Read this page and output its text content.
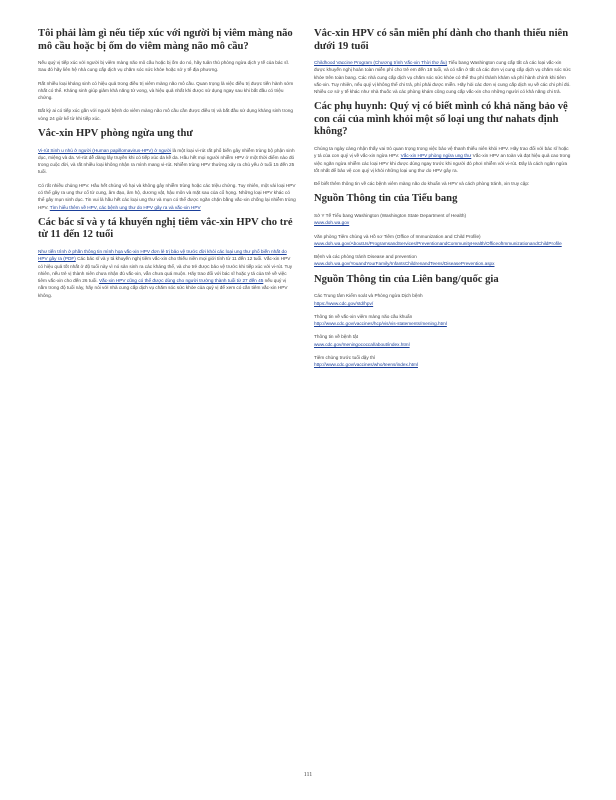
Tôi phải làm gì nếu tiếp xúc với người bị viêm màng não mô cầu hoặc bị ốm do viêm màng não mô cầu?

Nếu quý vị tiếp xúc với người bị viêm màng não mô cầu hoặc bị ốm do nó, hãy tuân thủ phòng ngừa dịch y tế của bác sĩ. Sau đó hãy liên hệ nhà cung cấp dịch vụ chăm sóc sức khỏe hoặc sở y tế địa phương.

Rất nhiều loại kháng sinh có hiệu quả trong điều trị viêm màng não mô cầu. Quan trọng là việc điều trị được tiến hành sớm nhất có thể. Kháng sinh giúp giảm khả năng tử vong, và hiệu quả nhất khi được sử dụng ngay sau khi bắt đầu có triệu chứng.

Bất kỳ ai có tiếp xúc gần với người bệnh do viêm màng não mô cầu cần được điều trị và bắt đầu sử dụng kháng sinh trong vòng 24 giờ kể từ khi tiếp xúc.

Vắc-xin HPV phòng ngừa ung thư

Vi-rút Sinh u nhú ở người (Human papillomavirus-HPV) ở người là một loại vi-rút rất phổ biến gây nhiễm trùng bộ phận sinh dục, miệng và da. Vi-rút dễ dàng lây truyền khi có tiếp xúc da kề da. Hầu hết mọi người nhiễm HPV ở một thời điểm nào đó trong cuộc đời, và rất nhiều loại không nhận ra mình mang vi-rút. Nhiễm trùng HPV thường xảy ra chủ yếu ở tuổi 15 đến 25 tuổi.

Có rất nhiều chủng HPV. Hầu hết chúng vô hại và không gây nhiễm trùng hoặc các triệu chứng. Tuy nhiên, một vài loại HPV có thể gây ra ung thư cổ tử cung, âm đạo, âm hộ, dương vật, hậu môn và mặt sau của cổ họng. Những loại HPV khác có thể gây mụn sinh dục. Tin vui là hầu hết các loại ung thư và mụn có thể được ngăn chặn bằng vắc-xin chống lại nhiễm trùng HPV. Tìm hiểu thêm về HPV, các bệnh ung thư do HPV gây ra và vắc-xin HPV

Các bác sĩ và y tá khuyến nghị tiêm vắc-xin HPV cho trẻ từ 11 đến 12 tuổi

Như tiến trình ở phần thông tin mình họa vắc-xin HPV đơn lẻ trị bảo vệ trước đời khỏi các loại ung thư phổ biến nhất do HPV gây ra (PDF) Các bác sĩ và y tá khuyến nghị tiêm vắc-xin cho thiếu niên mọi giới tính từ 11 đến 12 tuổi. Vắc-xin HPV có hiệu quả tốt nhất ở độ tuổi này vì nó sản sinh ra các kháng thể, và cho trẻ được bảo vệ trước khi tiếp xúc với vi-rút. Tuy nhiên, nếu trẻ vị thành niên chưa nhận đủ vắc-xin, vẫn chưa quá muộn. Hãy trao đổi với bác sĩ hoặc y tá của trẻ về việc tiêm vắc-xin cho đến 26 tuổi. Vắc-xin HPV cũng có thể được dùng cho người trưởng thành tuổi từ 27 đến 45 nếu quý vị nằm trong độ tuổi này, hãy nói với nhà cung cấp dịch vụ chăm sóc sức khỏe của quý vị để xem có cần tiêm vắc-xin HPV không.

Vắc-xin HPV có sẵn miễn phí dành cho thanh thiếu niên dưới 19 tuổi

Childhood Vaccine Program (Chương trình Vắc-xin Thời thơ ấu) Tiểu bang Washington cung cấp tất cả các loại vắc-xin được khuyến nghị hoàn toàn miễn phí cho trẻ em đến 18 tuổi, và có sẵn ở tất cả các đơn vị cung cấp dịch vụ chăm sóc sức khỏe trên toàn bang. Các nhà cung cấp dịch vụ chăm sóc sức khỏe có thể thu phí thành khám và phí hành chính khi tiêm vắc-xin. Tuy nhiên, nếu quý vị không thể chi trả, phí phải được miễn. Hãy hỏi các đơn vị cung cấp dịch vụ về các chi phí đó. Nhiều cơ sở y tế khác như nhà thuốc và các phòng khám cũng cung cấp vắc-xin cho những người có khả năng chi trả.

Các phụ huynh: Quý vị có biết mình có khả năng bảo vệ con cái của mình khỏi một số loại ung thư nahats định không?

Chúng ta ngày càng nhận thấy vai trò quan trọng trong việc bảo vệ thanh thiếu niên khỏi HPV. Hãy trao đổi với bác sĩ hoặc y tá của con quý vị về vắc-xin ngừa HPV. Vắc-xin HPV phòng ngừa ung thư Vắc-xin HPV an toàn và đạt hiệu quả cao trong việc ngăn ngừa nhiễm các loại HPV khi được dùng ngay trước khi người đó phơi nhiễm với vi-rút. Đây là cách ngăn ngừa tốt nhất để bảo vệ con quý vị khỏi những loại ung thư do HPV gây ra.

Để biết thêm thông tin về các bệnh viêm màng não do khuẩn và HPV và cách phòng tránh, xin truy cập:

Nguồn Thông tin của Tiểu bang

Sở Y Tế Tiểu bang Washington (Washington State Department of Health)
www.doh.wa.gov

Văn phòng Tiêm chủng và Hồ sơ Tiêm (Office of Immunization and Child Profile)
www.doh.wa.gov/AboutUs/ProgramsandServices/PreventionandCommunityHealth/OfficeofImmunizationandChildProfile

Bệnh và các phòng tránh Disease and prevention
www.doh.wa.gov/YouandYourFamily/InfantsChildrenandTeens/DiseasePrevention.aspx

Nguồn Thông tin của Liên bang/quốc gia

Các Trung tâm Kiểm soát và Phòng ngừa Dịch bệnh
https://www.cdc.gov/std/hpv/

Thông tin về vắc-xin viêm màng não cầu khuẩn
http://www.cdc.gov/vaccines/hcp/vis/vis-statements/mening.html

Thông tin về bệnh tật
www.cdc.gov/meningococcal/about/index.html

Tiêm chủng trước tuổi dậy thì
http://www.cdc.gov/vaccines/who/teens/index.html

111
